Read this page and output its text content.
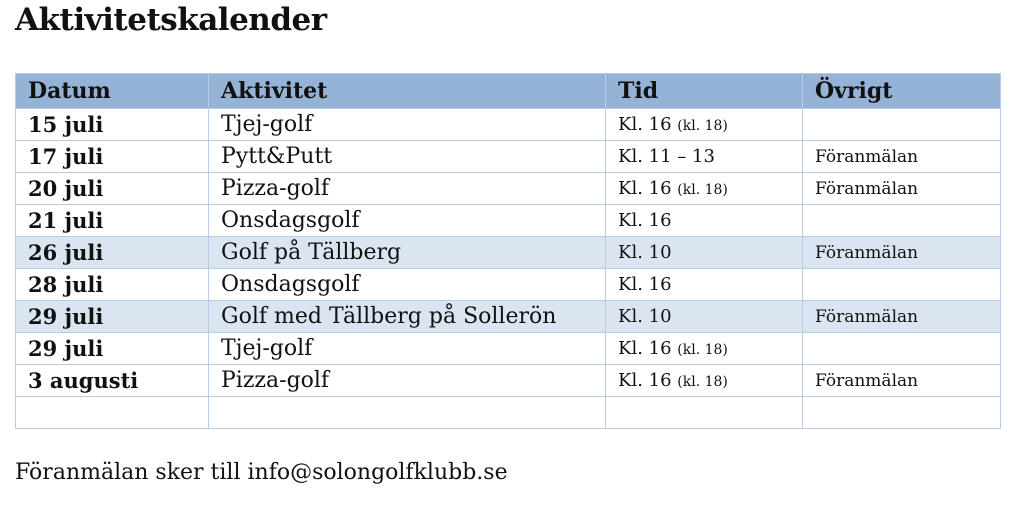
Aktivitetskalender
Datum	Aktivitet	Tid	Övrigt
15 juli	Tjej-golf	Kl. 16 (kl. 18)	
17 juli	Pytt&Putt	Kl. 11 – 13	Föranmälan
20 juli	Pizza-golf	Kl. 16 (kl. 18)	Föranmälan
21 juli	Onsdagsgolf	Kl. 16	
26 juli	Golf på Tällberg	Kl. 10	Föranmälan
28 juli	Onsdagsgolf	Kl. 16	
29 juli	Golf med Tällberg på Sollerön	Kl. 10	Föranmälan
29 juli	Tjej-golf	Kl. 16 (kl. 18)	
3 augusti	Pizza-golf	Kl. 16 (kl. 18)	Föranmälan

Föranmälan sker till info@solongolfklubb.se
